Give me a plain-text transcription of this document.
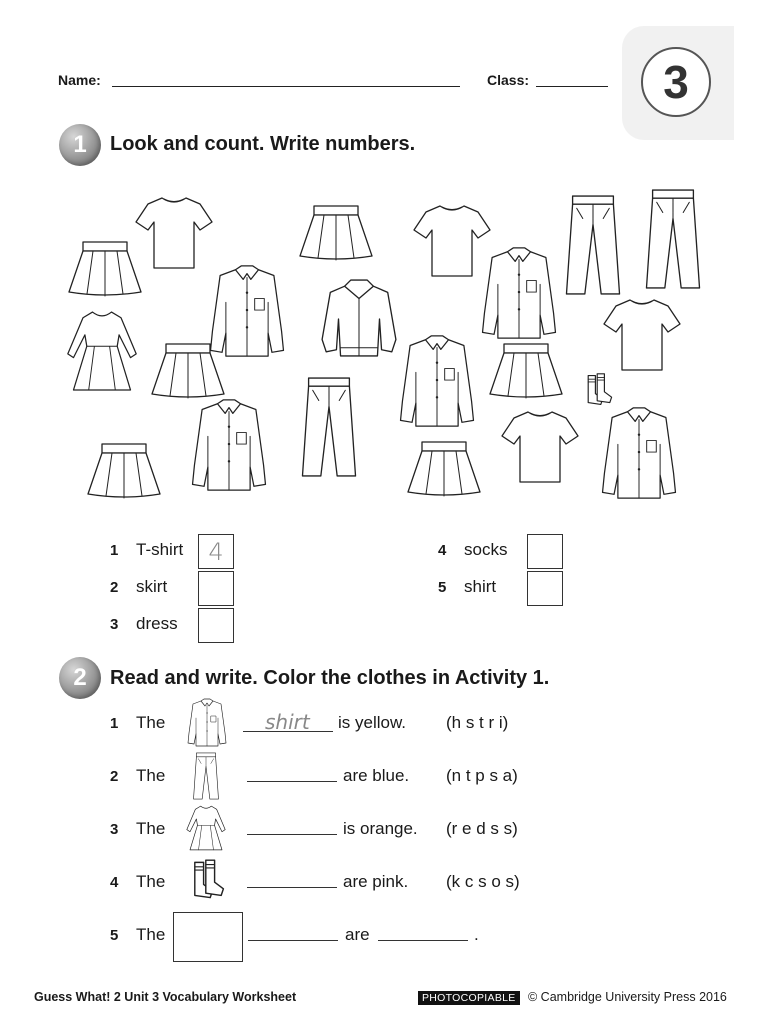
Name:	Class:	3
1	Look and count. Write numbers.
1 T-shirt 4
2 skirt
3 dress
4 socks
5 shirt
2	Read and write. Color the clothes in Activity 1.
1 The	shirt is yellow. (h s t r i)
2 The	are blue. (n t p s a)
3 The	is orange. (r e d s s)
4 The	are pink. (k c s o s)
5 The	are	.
Guess What! 2 Unit 3 Vocabulary Worksheet	PHOTOCOPIABLE © Cambridge University Press 2016
